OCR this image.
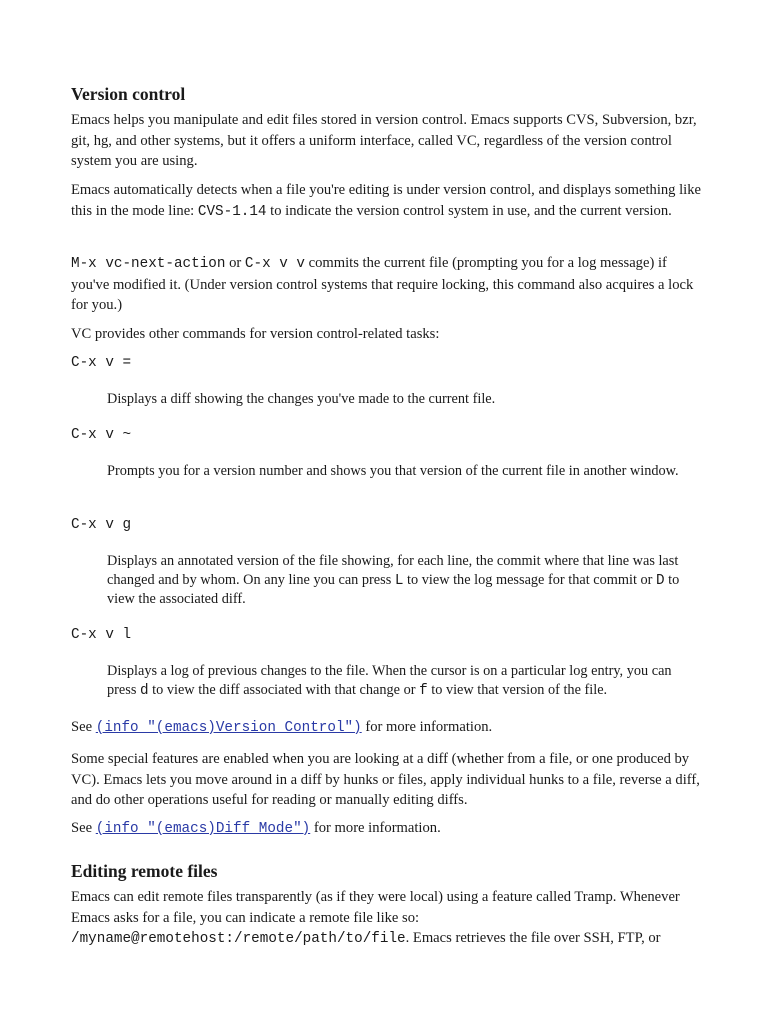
Version control

Emacs helps you manipulate and edit files stored in version control. Emacs supports CVS, Subversion, bzr, git, hg, and other systems, but it offers a uniform interface, called VC, regardless of the version control system you are using.

Emacs automatically detects when a file you're editing is under version control, and displays something like this in the mode line: CVS-1.14 to indicate the version control system in use, and the current version.

M-x vc-next-action or C-x v v commits the current file (prompting you for a log message) if you've modified it. (Under version control systems that require locking, this command also acquires a lock for you.)

VC provides other commands for version control-related tasks:

C-x v =

Displays a diff showing the changes you've made to the current file.

C-x v ~

Prompts you for a version number and shows you that version of the current file in another window.

C-x v g

Displays an annotated version of the file showing, for each line, the commit where that line was last changed and by whom. On any line you can press L to view the log message for that commit or D to view the associated diff.

C-x v l

Displays a log of previous changes to the file. When the cursor is on a particular log entry, you can press d to view the diff associated with that change or f to view that version of the file.

See (info "(emacs)Version Control") for more information.

Some special features are enabled when you are looking at a diff (whether from a file, or one produced by VC). Emacs lets you move around in a diff by hunks or files, apply individual hunks to a file, reverse a diff, and do other operations useful for reading or manually editing diffs.

See (info "(emacs)Diff Mode") for more information.

Editing remote files

Emacs can edit remote files transparently (as if they were local) using a feature called Tramp. Whenever Emacs asks for a file, you can indicate a remote file like so: /myname@remotehost:/remote/path/to/file. Emacs retrieves the file over SSH, FTP, or
